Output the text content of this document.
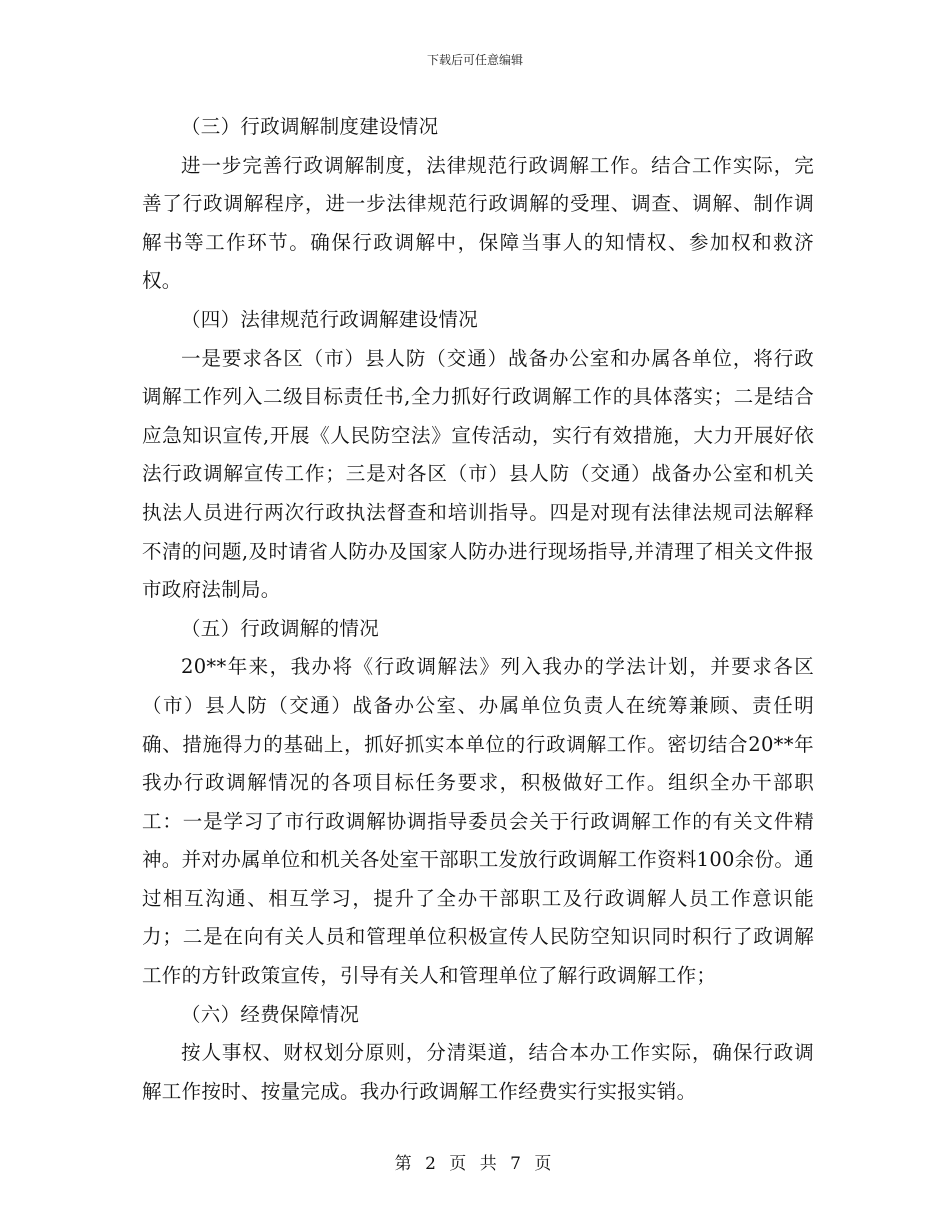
下载后可任意编辑

（三）行政调解制度建设情况

进一步完善行政调解制度，法律规范行政调解工作。结合工作实际，完善了行政调解程序，进一步法律规范行政调解的受理、调查、调解、制作调解书等工作环节。确保行政调解中，保障当事人的知情权、参加权和救济权。

（四）法律规范行政调解建设情况

一是要求各区（市）县人防（交通）战备办公室和办属各单位，将行政调解工作列入二级目标责任书,全力抓好行政调解工作的具体落实；二是结合应急知识宣传,开展《人民防空法》宣传活动，实行有效措施，大力开展好依法行政调解宣传工作；三是对各区（市）县人防（交通）战备办公室和机关执法人员进行两次行政执法督查和培训指导。四是对现有法律法规司法解释不清的问题,及时请省人防办及国家人防办进行现场指导,并清理了相关文件报市政府法制局。

（五）行政调解的情况

20**年来，我办将《行政调解法》列入我办的学法计划，并要求各区（市）县人防（交通）战备办公室、办属单位负责人在统筹兼顾、责任明确、措施得力的基础上，抓好抓实本单位的行政调解工作。密切结合20**年我办行政调解情况的各项目标任务要求，积极做好工作。组织全办干部职工：一是学习了市行政调解协调指导委员会关于行政调解工作的有关文件精神。并对办属单位和机关各处室干部职工发放行政调解工作资料100余份。通过相互沟通、相互学习，提升了全办干部职工及行政调解人员工作意识能力；二是在向有关人员和管理单位积极宣传人民防空知识同时积行了政调解工作的方针政策宣传，引导有关人和管理单位了解行政调解工作；

（六）经费保障情况

按人事权、财权划分原则，分清渠道，结合本办工作实际，确保行政调解工作按时、按量完成。我办行政调解工作经费实行实报实销。

第 2 页 共 7 页
